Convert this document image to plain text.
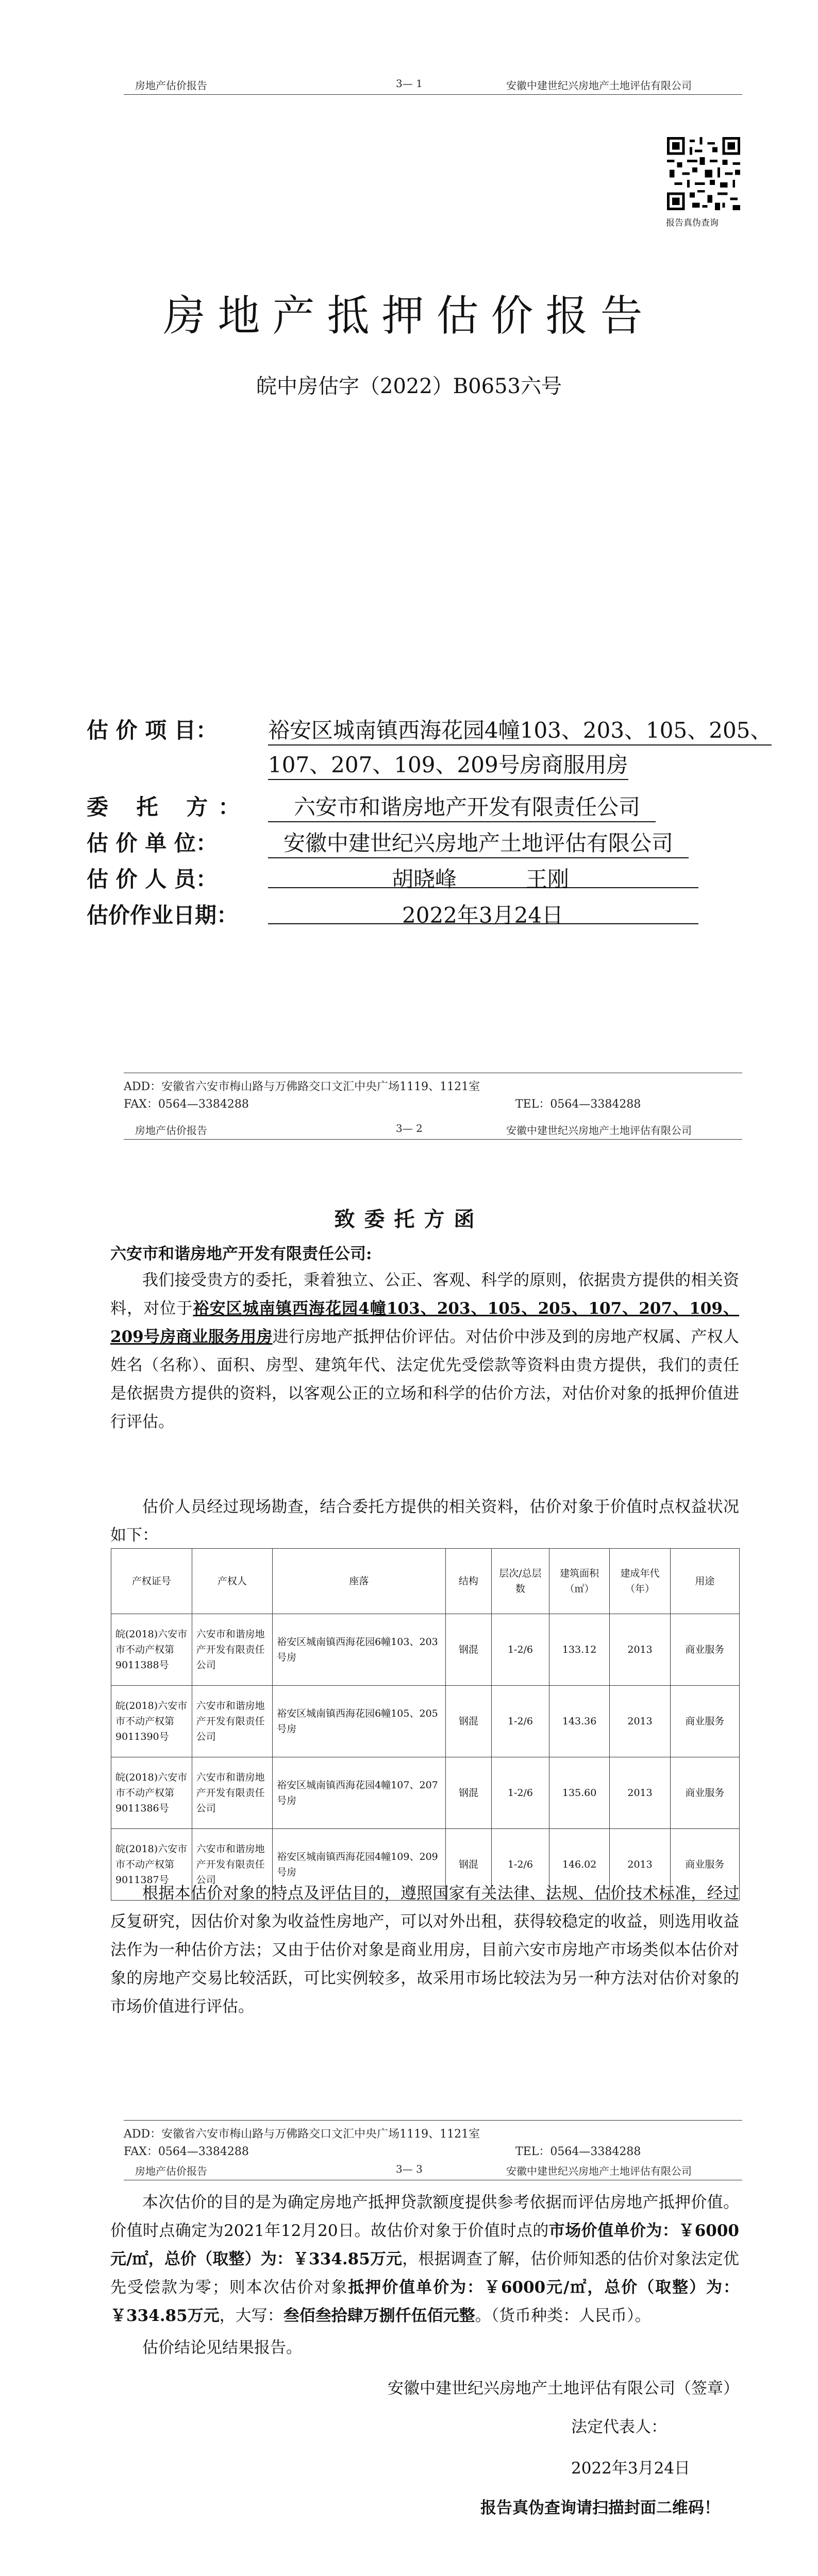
房地产估价报告	3— 1	安徽中建世纪兴房地产土地评估有限公司
报告真伪查询
房地产抵押估价报告
皖中房估字（2022）B0653六号
估 价 项 目： 裕安区城南镇西海花园4幢103、203、105、205、
107、207、109、209号房商服用房
委 托 方：	六安市和谐房地产开发有限责任公司
估 价 单 位：	安徽中建世纪兴房地产土地评估有限公司
估 价 人 员：	胡晓峰	王刚
估价作业日期：	2022年3月24日
ADD：安徽省六安市梅山路与万佛路交口文汇中央广场1119、1121室
FAX：0564—3384288	TEL：0564—3384288
房地产估价报告	3— 2	安徽中建世纪兴房地产土地评估有限公司
致委托方函
六安市和谐房地产开发有限责任公司:
我们接受贵方的委托，秉着独立、公正、客观、科学的原则，依据贵方提供的相关资料，对位于裕安区城南镇西海花园4幢103、203、105、205、107、207、109、209号房商业服务用房进行房地产抵押估价评估。对估价中涉及到的房地产权属、产权人姓名（名称）、面积、房型、建筑年代、法定优先受偿款等资料由贵方提供，我们的责任是依据贵方提供的资料，以客观公正的立场和科学的估价方法，对估价对象的抵押价值进行评估。
估价人员经过现场勘查，结合委托方提供的相关资料，估价对象于价值时点权益状况如下：
产权证号	产权人	座落	结构	层次/总层数	建筑面积（㎡）	建成年代（年）	用途
皖(2018)六安市市不动产权第9011388号	六安市和谐房地产开发有限责任公司	裕安区城南镇西海花园6幢103、203号房	钢混	1-2/6	133.12	2013	商业服务
皖(2018)六安市市不动产权第9011390号	六安市和谐房地产开发有限责任公司	裕安区城南镇西海花园6幢105、205号房	钢混	1-2/6	143.36	2013	商业服务
皖(2018)六安市市不动产权第9011386号	六安市和谐房地产开发有限责任公司	裕安区城南镇西海花园4幢107、207号房	钢混	1-2/6	135.60	2013	商业服务
皖(2018)六安市市不动产权第9011387号	六安市和谐房地产开发有限责任公司	裕安区城南镇西海花园4幢109、209号房	钢混	1-2/6	146.02	2013	商业服务
根据本估价对象的特点及评估目的，遵照国家有关法律、法规、估价技术标准，经过反复研究，因估价对象为收益性房地产，可以对外出租，获得较稳定的收益，则选用收益法作为一种估价方法；又由于估价对象是商业用房，目前六安市房地产市场类似本估价对象的房地产交易比较活跃，可比实例较多，故采用市场比较法为另一种方法对估价对象的市场价值进行评估。
ADD：安徽省六安市梅山路与万佛路交口文汇中央广场1119、1121室
FAX：0564—3384288	TEL：0564—3384288
房地产估价报告	3— 3	安徽中建世纪兴房地产土地评估有限公司
本次估价的目的是为确定房地产抵押贷款额度提供参考依据而评估房地产抵押价值。价值时点确定为2021年12月20日。故估价对象于价值时点的市场价值单价为：￥6000元/㎡，总价（取整）为：￥334.85万元，根据调查了解，估价师知悉的估价对象法定优先受偿款为零；则本次估价对象抵押价值单价为：￥6000元/㎡，总价（取整）为：￥334.85万元，大写：叁佰叁拾肆万捌仟伍佰元整。（货币种类：人民币）。
估价结论见结果报告。
安徽中建世纪兴房地产土地评估有限公司（签章）
法定代表人：
2022年3月24日
报告真伪查询请扫描封面二维码！
